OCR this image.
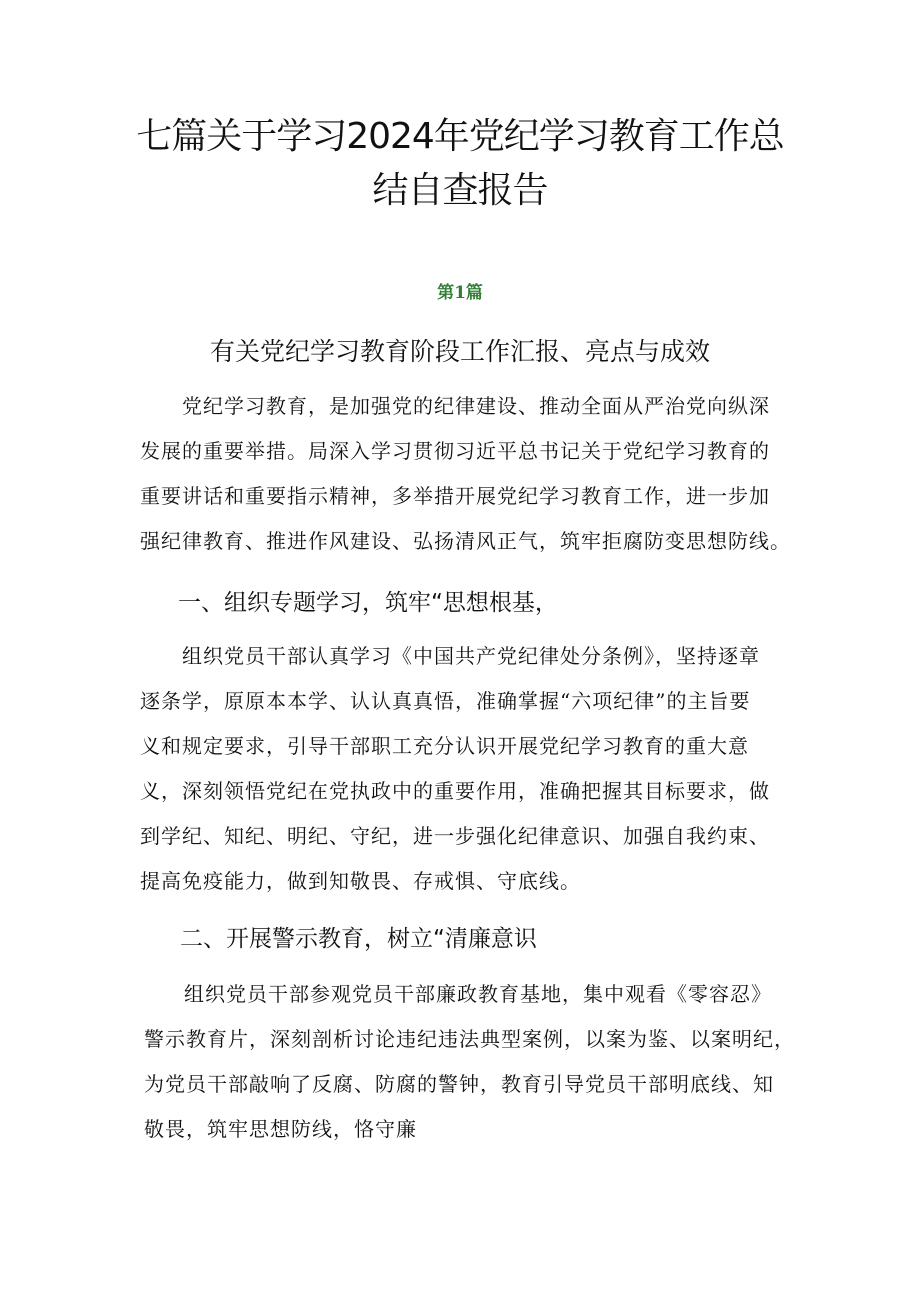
七篇关于学习2024年党纪学习教育工作总
结自查报告
第1篇
有关党纪学习教育阶段工作汇报、亮点与成效
党纪学习教育，是加强党的纪律建设、推动全面从严治党向纵深
发展的重要举措。局深入学习贯彻习近平总书记关于党纪学习教育的
重要讲话和重要指示精神，多举措开展党纪学习教育工作，进一步加
强纪律教育、推进作风建设、弘扬清风正气，筑牢拒腐防变思想防线。
一、组织专题学习，筑牢“思想根基，
组织党员干部认真学习《中国共产党纪律处分条例》，坚持逐章
逐条学，原原本本学、认认真真悟，准确掌握“六项纪律”的主旨要
义和规定要求，引导干部职工充分认识开展党纪学习教育的重大意
义，深刻领悟党纪在党执政中的重要作用，准确把握其目标要求，做
到学纪、知纪、明纪、守纪，进一步强化纪律意识、加强自我约束、
提高免疫能力，做到知敬畏、存戒惧、守底线。
二、开展警示教育，树立“清廉意识
组织党员干部参观党员干部廉政教育基地，集中观看《零容忍》
警示教育片，深刻剖析讨论违纪违法典型案例，以案为鉴、以案明纪，
为党员干部敲响了反腐、防腐的警钟，教育引导党员干部明底线、知
敬畏，筑牢思想防线，恪守廉
